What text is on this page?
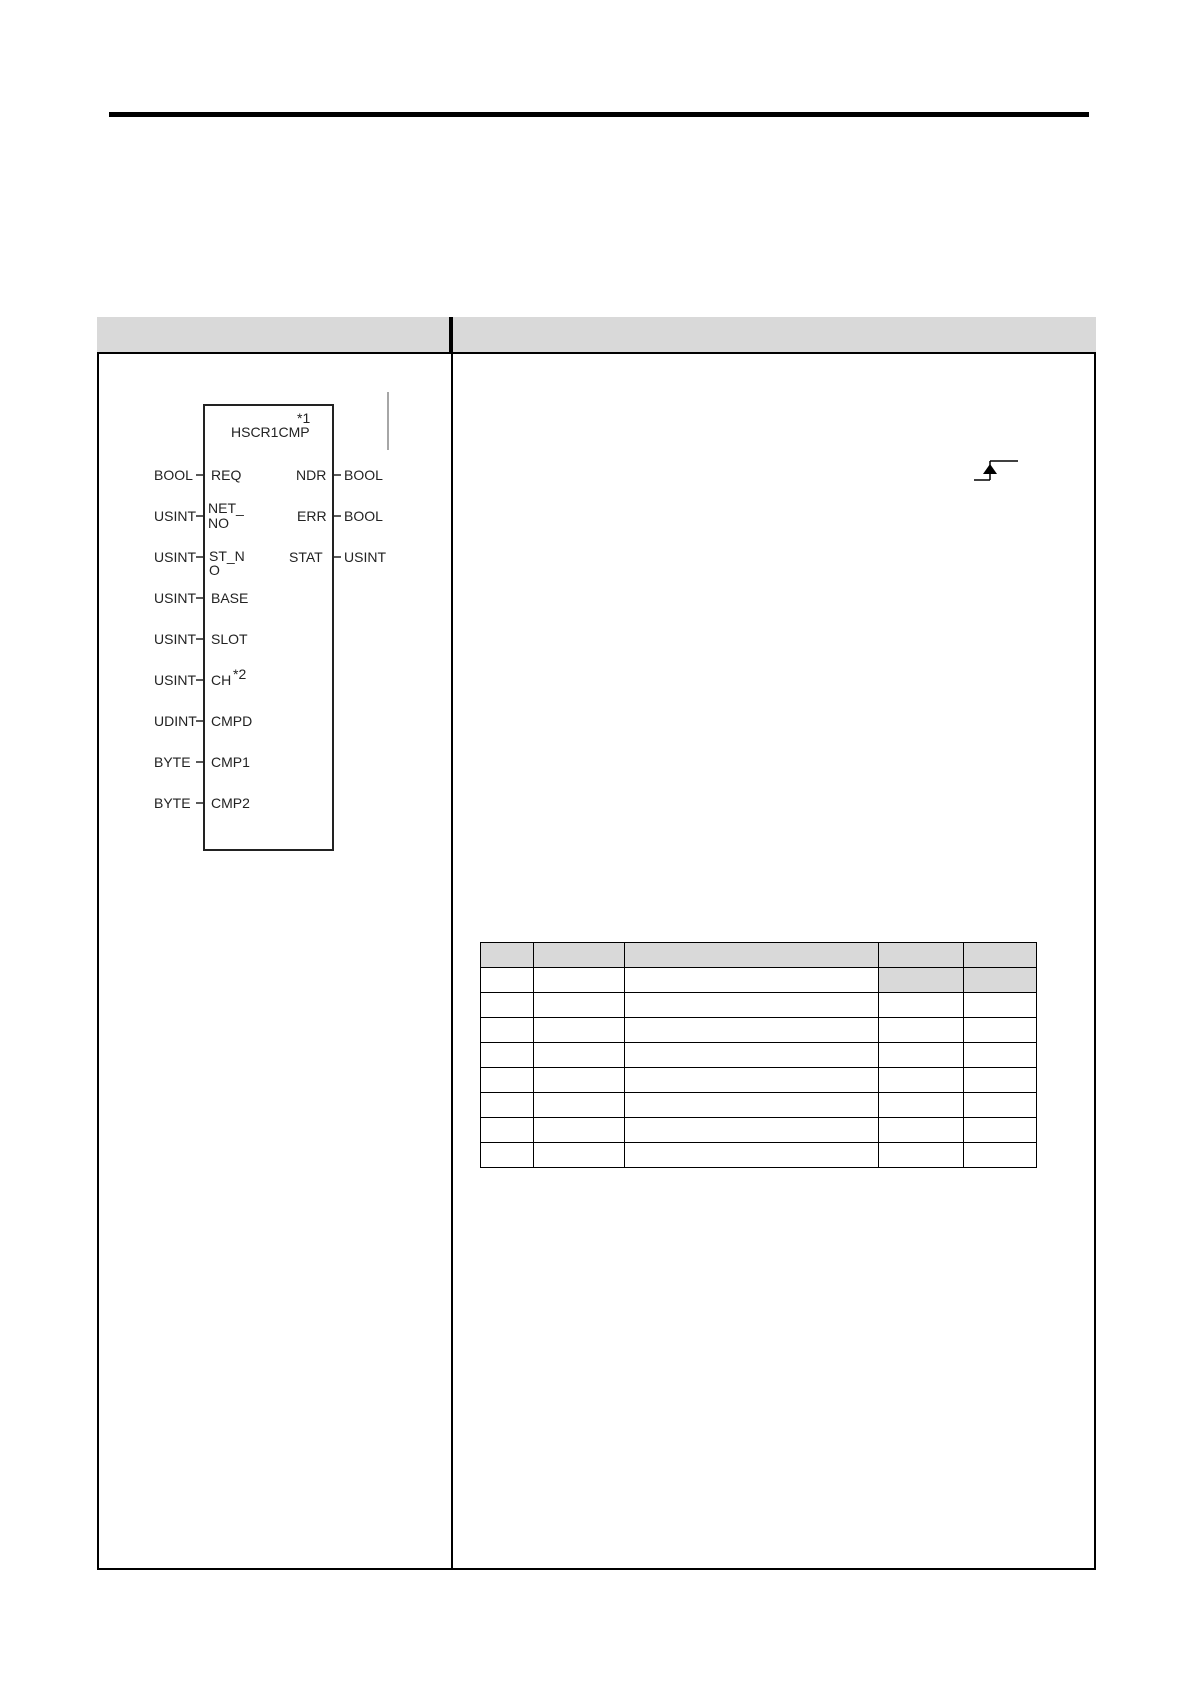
HSCR1CMP
*1
BOOL REQ
USINT NET_
NO
USINT ST_N
O
USINT BASE
USINT SLOT
USINT CH *2
UDINT CMPD
BYTE CMP1
BYTE CMP2
NDR BOOL
ERR BOOL
STAT USINT
